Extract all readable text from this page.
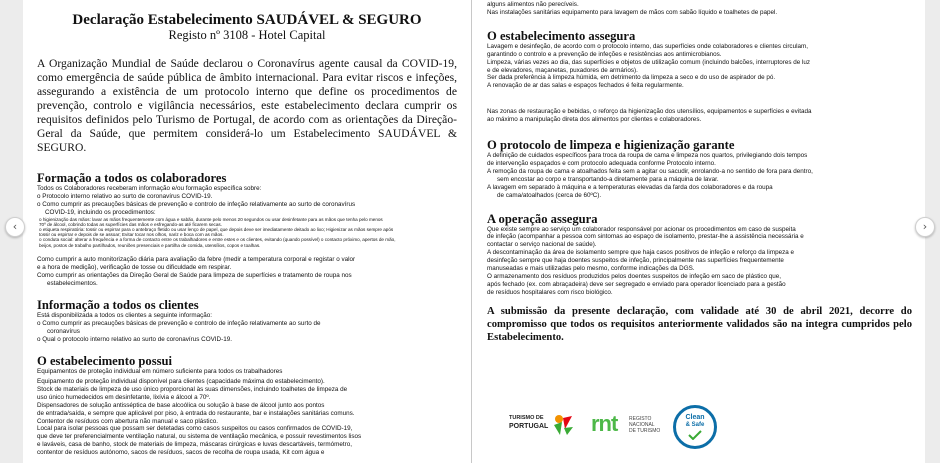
Declaração Estabelecimento SAUDÁVEL & SEGURO
Registo nº 3108 - Hotel Capital
A Organização Mundial de Saúde declarou o Coronavírus agente causal da COVID-19, como emergência de saúde pública de âmbito internacional. Para evitar riscos e infeções, assegurando a existência de um protocolo interno que define os procedimentos de prevenção, controlo e vigilância necessários, este estabelecimento declara cumprir os requisitos definidos pelo Turismo de Portugal, de acordo com as orientações da Direção-Geral da Saúde, que permitem considerá-lo um Estabelecimento SAUDÁVEL & SEGURO.
Formação a todos os colaboradores
Todos os Colaboradores receberam informação e/ou formação específica sobre:
o Protocolo interno relativo ao surto de coronavírus COVID-19.
o Como cumprir as precauções básicas de prevenção e controlo de infeção relativamente ao surto de coronavírus
COVID-19, incluindo os procedimentos:
o higienização das mãos: lavar as mãos frequentemente com água e sabão, durante pelo menos 20 segundos ou usar desinfetante para as mãos que tenha pelo menos
70º de álcool, cobrindo todas as superfícies das mãos e esfregando-as até ficarem secas.
o etiqueta respiratória: tossir ou espirrar para o antebraço fletido ou usar lenço de papel, que depois deve ser imediatamente deitado ao lixo; Higienizar as mãos sempre após
tossir ou espirrar e depois de se assoar; Evitar tocar nos olhos, nariz e boca com as mãos.
o conduta social: alterar a frequência e a forma de contacto entre os trabalhadores e entre estes e os clientes, evitando (quando possível) o contacto próximo, apertos de mão,
beijos, postos de trabalho partilhados, reuniões presenciais e partilha de comida, utensílios, copos e toalhas.
Como cumprir a auto monitorização diária para avaliação da febre (medir a temperatura corporal e registar o valor
e a hora de medição), verificação de tosse ou dificuldade em respirar.
Como cumprir as orientações da Direção Geral de Saúde para limpeza de superfícies e tratamento de roupa nos
estabelecimentos.
Informação a todos os clientes
Está disponibilizada a todos os clientes a seguinte informação:
o Como cumprir as precauções básicas de prevenção e controlo de infeção relativamente ao surto de
coronavírus
o Qual o protocolo interno relativo ao surto de coronavírus COVID-19.
O estabelecimento possui
Equipamentos de proteção individual em número suficiente para todos os trabalhadores
Equipamento de proteção individual disponível para clientes (capacidade máxima do estabelecimento).
Stock de materiais de limpeza de uso único proporcional às suas dimensões, incluindo toalhetes de limpeza de
uso único humedecidos em desinfetante, lixívia e álcool a 70º.
Dispensadores de solução antisséptica de base alcoólica ou solução à base de álcool junto aos pontos
de entrada/saída, e sempre que aplicável por piso, à entrada do restaurante, bar e instalações sanitárias comuns.
Contentor de resíduos com abertura não manual e saco plástico.
Local para isolar pessoas que possam ser detetadas como casos suspeitos ou casos confirmados de COVID-19,
que deve ter preferencialmente ventilação natural, ou sistema de ventilação mecânica, e possuir revestimentos lisos
e laváveis, casa de banho, stock de materiais de limpeza, máscaras cirúrgicas e luvas descartáveis, termómetro,
contentor de resíduos autónomo, sacos de resíduos, sacos de recolha de roupa usada, Kit com água e
alguns alimentos não perecíveis.
Nas instalações sanitárias equipamento para lavagem de mãos com sabão líquido e toalhetes de papel.
O estabelecimento assegura
Lavagem e desinfeção, de acordo com o protocolo interno, das superfícies onde colaboradores e clientes circulam,
garantindo o controlo e a prevenção de infeções e resistências aos antimicrobianos.
Limpeza, várias vezes ao dia, das superfícies e objetos de utilização comum (incluindo balcões, interruptores de luz
e de elevadores, maçanetas, puxadores de armários).
Ser dada preferência à limpeza húmida, em detrimento da limpeza a seco e do uso de aspirador de pó.
A renovação de ar das salas e espaços fechados é feita regularmente.
Nas zonas de restauração e bebidas, o reforço da higienização dos utensílios, equipamentos e superfícies e evitada
ao máximo a manipulação direta dos alimentos por clientes e colaboradores.
O protocolo de limpeza e higienização garante
A definição de cuidados específicos para troca da roupa de cama e limpeza nos quartos, privilegiando dois tempos
de intervenção espaçados e com protocolo adequada conforme Protocolo interno.
A remoção da roupa de cama e atoalhados feita sem a agitar ou sacudir, enrolando-a no sentido de fora para dentro,
sem encostar ao corpo e transportando-a diretamente para a máquina de lavar.
A lavagem em separado à máquina e a temperaturas elevadas da farda dos colaboradores e da roupa
de cama/atoalhados (cerca de 60ºC).
A operação assegura
Que existe sempre ao serviço um colaborador responsável por acionar os procedimentos em caso de suspeita
de infeção (acompanhar a pessoa com sintomas ao espaço de isolamento, prestar-lhe a assistência necessária e
contactar o serviço nacional de saúde).
A descontaminação da área de isolamento sempre que haja casos positivos de infeção e reforço da limpeza e
desinfeção sempre que haja doentes suspeitos de infeção, principalmente nas superfícies frequentemente
manuseadas e mais utilizadas pelo mesmo, conforme indicações da DGS.
O armazenamento dos resíduos produzidos pelos doentes suspeitos de infeção em saco de plástico que,
após fechado (ex. com abraçadeira) deve ser segregado e enviado para operador licenciado para a gestão
de resíduos hospitalares com risco biológico.
A submissão da presente declaração, com validade até 30 de abril 2021, decorre do compromisso que todos os requisitos anteriormente validados são na integra cumpridos pelo Estabelecimento.
TURISMO DE
PORTUGAL rnt REGISTO
NACIONAL
DE TURISMO
Clean
& Safe
‹	›
